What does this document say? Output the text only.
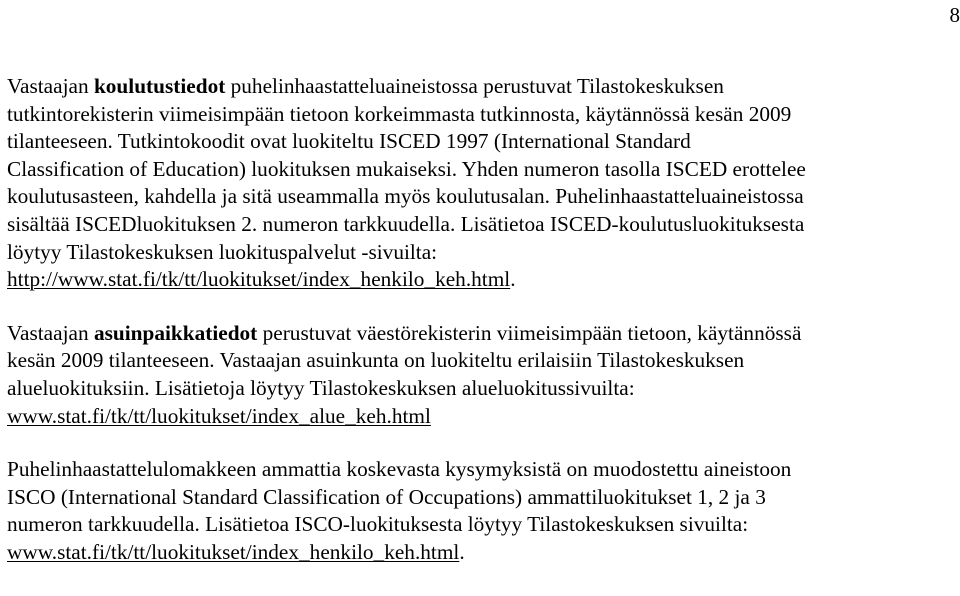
8

Vastaajan koulutustiedot puhelinhaastatteluaineistossa perustuvat Tilastokeskuksen
tutkintorekisterin viimeisimpään tietoon korkeimmasta tutkinnosta, käytännössä kesän 2009
tilanteeseen. Tutkintokoodit ovat luokiteltu ISCED 1997 (International Standard
Classification of Education) luokituksen mukaiseksi. Yhden numeron tasolla ISCED erottelee
koulutusasteen, kahdella ja sitä useammalla myös koulutusalan. Puhelinhaastatteluaineistossa
sisältää ISCEDluokituksen 2. numeron tarkkuudella. Lisätietoa ISCED-koulutusluokituksesta
löytyy Tilastokeskuksen luokituspalvelut -sivuilta:
http://www.stat.fi/tk/tt/luokitukset/index_henkilo_keh.html.

Vastaajan asuinpaikkatiedot perustuvat väestörekisterin viimeisimpään tietoon, käytännössä
kesän 2009 tilanteeseen. Vastaajan asuinkunta on luokiteltu erilaisiin Tilastokeskuksen
alueluokituksiin. Lisätietoja löytyy Tilastokeskuksen alueluokitussivuilta:
www.stat.fi/tk/tt/luokitukset/index_alue_keh.html

Puhelinhaastattelulomakkeen ammattia koskevasta kysymyksistä on muodostettu aineistoon
ISCO (International Standard Classification of Occupations) ammattiluokitukset 1, 2 ja 3
numeron tarkkuudella. Lisätietoa ISCO-luokituksesta löytyy Tilastokeskuksen sivuilta:
www.stat.fi/tk/tt/luokitukset/index_henkilo_keh.html.
